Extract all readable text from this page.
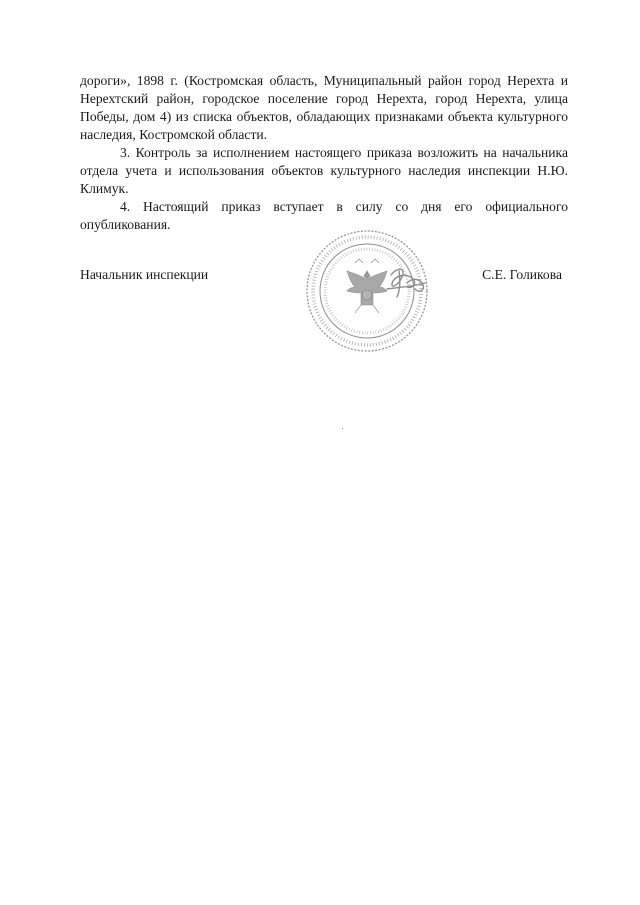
дороги», 1898 г. (Костромская область, Муниципальный район город Нерехта и Нерехтский район, городское поселение город Нерехта, город Нерехта, улица Победы, дом 4) из списка объектов, обладающих признаками объекта культурного наследия, Костромской области.

3. Контроль за исполнением настоящего приказа возложить на начальника отдела учета и использования объектов культурного наследия инспекции Н.Ю. Климук.

4. Настоящий приказ вступает в силу со дня его официального опубликования.

Начальник инспекции	С.Е. Голикова
